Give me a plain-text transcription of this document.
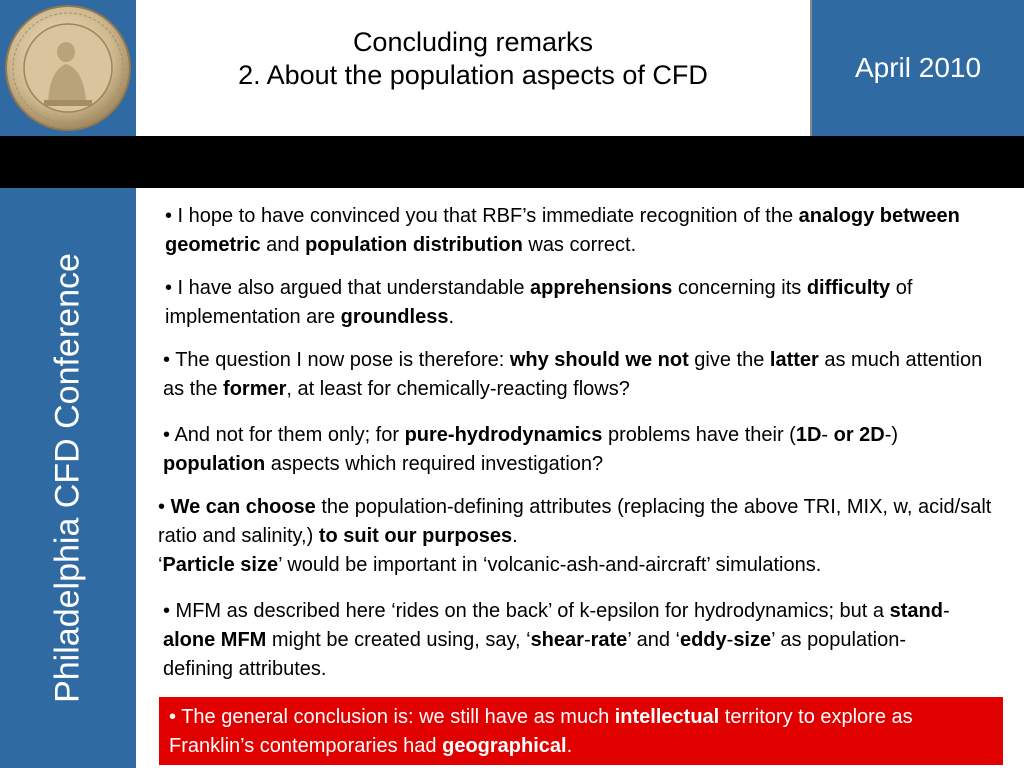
Concluding remarks
2. About the population aspects of CFD	April 2010
Philadelphia CFD Conference
• I hope to have convinced you that RBF’s immediate recognition of the analogy between geometric and population distribution was correct.
• I have also argued that understandable apprehensions concerning its difficulty of implementation are groundless.
• The question I now pose is therefore: why should we not give the latter as much attention as the former, at least for chemically-reacting flows?
• And not for them only; for pure-hydrodynamics problems have their (1D- or 2D-) population aspects which required investigation?
• We can choose the population-defining attributes (replacing the above TRI, MIX, w, acid/salt ratio and salinity,) to suit our purposes.
‘Particle size’ would be important in ‘volcanic-ash-and-aircraft’ simulations.
• MFM as described here ‘rides on the back’ of k-epsilon for hydrodynamics; but a stand-alone MFM might be created using, say, ‘shear-rate’ and ‘eddy-size’ as population-defining attributes.
• The general conclusion is: we still have as much intellectual territory to explore as Franklin’s contemporaries had geographical.
